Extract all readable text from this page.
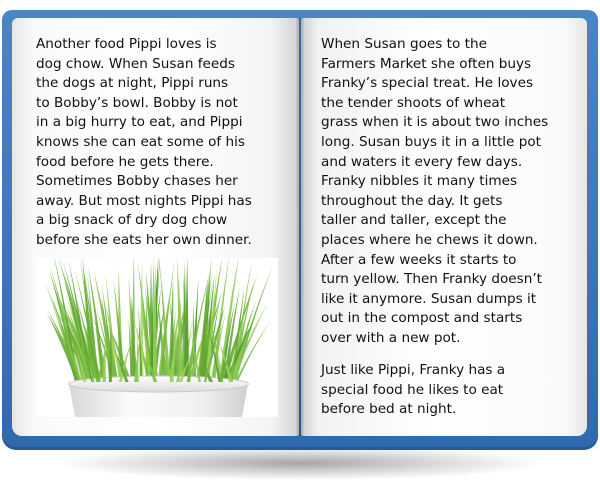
Another food Pippi loves is
dog chow. When Susan feeds
the dogs at night, Pippi runs
to Bobby’s bowl. Bobby is not
in a big hurry to eat, and Pippi
knows she can eat some of his
food before he gets there.
Sometimes Bobby chases her
away. But most nights Pippi has
a big snack of dry dog chow
before she eats her own dinner.

When Susan goes to the
Farmers Market she often buys
Franky’s special treat. He loves
the tender shoots of wheat
grass when it is about two inches
long. Susan buys it in a little pot
and waters it every few days.
Franky nibbles it many times
throughout the day. It gets
taller and taller, except the
places where he chews it down.
After a few weeks it starts to
turn yellow. Then Franky doesn’t
like it anymore. Susan dumps it
out in the compost and starts
over with a new pot.

Just like Pippi, Franky has a
special food he likes to eat
before bed at night.
